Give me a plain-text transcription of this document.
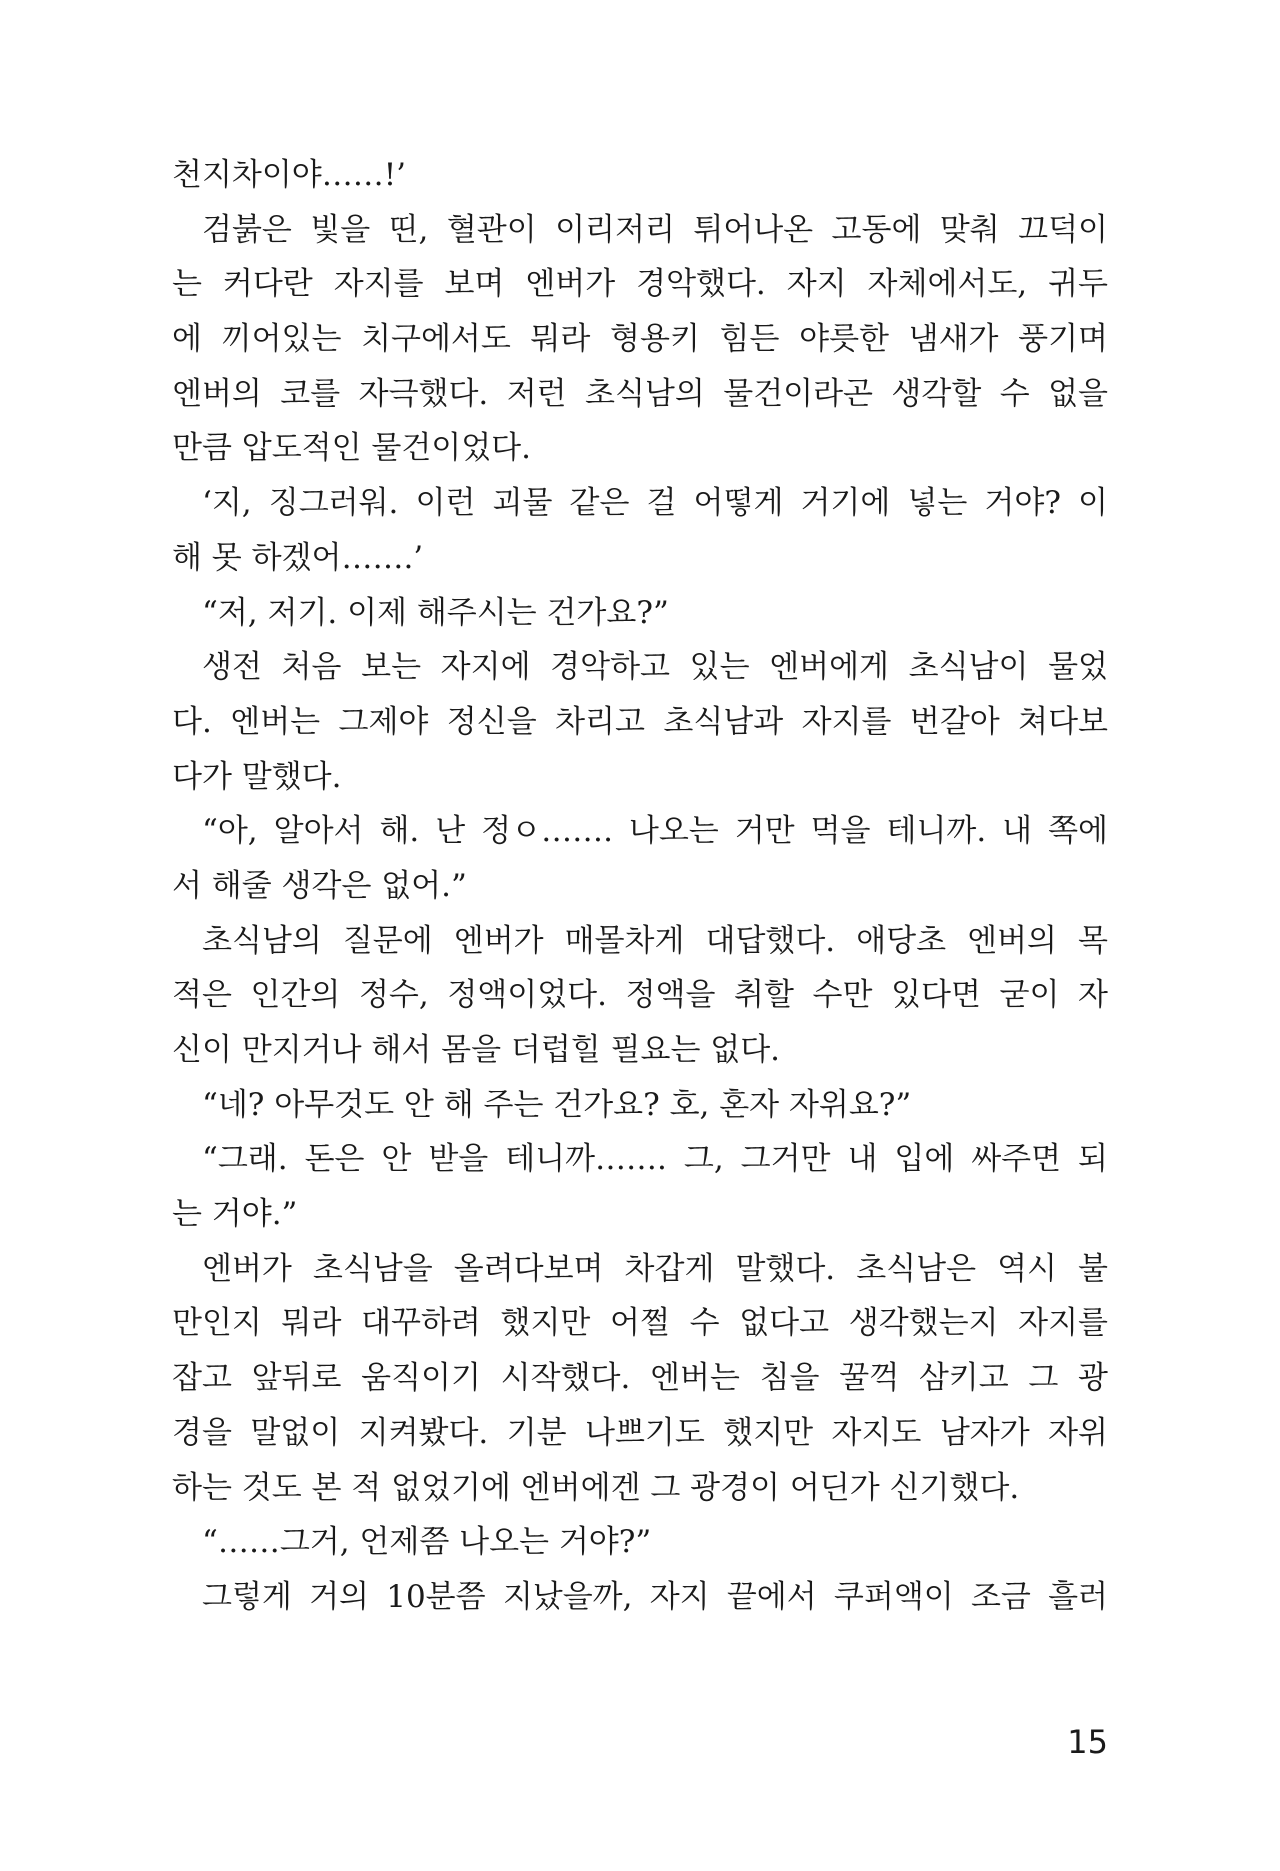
천지차이야……!’
검붉은 빛을 띤, 혈관이 이리저리 튀어나온 고동에 맞춰 끄덕이
는 커다란 자지를 보며 엔버가 경악했다. 자지 자체에서도, 귀두
에 끼어있는 치구에서도 뭐라 형용키 힘든 야릇한 냄새가 풍기며
엔버의 코를 자극했다. 저런 초식남의 물건이라곤 생각할 수 없을
만큼 압도적인 물건이었다.
‘지, 징그러워. 이런 괴물 같은 걸 어떻게 거기에 넣는 거야? 이
해 못 하겠어…….’
“저, 저기. 이제 해주시는 건가요?”
생전 처음 보는 자지에 경악하고 있는 엔버에게 초식남이 물었
다. 엔버는 그제야 정신을 차리고 초식남과 자지를 번갈아 쳐다보
다가 말했다.
“아, 알아서 해. 난 정ㅇ……. 나오는 거만 먹을 테니까. 내 쪽에
서 해줄 생각은 없어.”
초식남의 질문에 엔버가 매몰차게 대답했다. 애당초 엔버의 목
적은 인간의 정수, 정액이었다. 정액을 취할 수만 있다면 굳이 자
신이 만지거나 해서 몸을 더럽힐 필요는 없다.
“네? 아무것도 안 해 주는 건가요? 호, 혼자 자위요?”
“그래. 돈은 안 받을 테니까……. 그, 그거만 내 입에 싸주면 되
는 거야.”
엔버가 초식남을 올려다보며 차갑게 말했다. 초식남은 역시 불
만인지 뭐라 대꾸하려 했지만 어쩔 수 없다고 생각했는지 자지를
잡고 앞뒤로 움직이기 시작했다. 엔버는 침을 꿀꺽 삼키고 그 광
경을 말없이 지켜봤다. 기분 나쁘기도 했지만 자지도 남자가 자위
하는 것도 본 적 없었기에 엔버에겐 그 광경이 어딘가 신기했다.
“……그거, 언제쯤 나오는 거야?”
그렇게 거의 10분쯤 지났을까, 자지 끝에서 쿠퍼액이 조금 흘러
15
